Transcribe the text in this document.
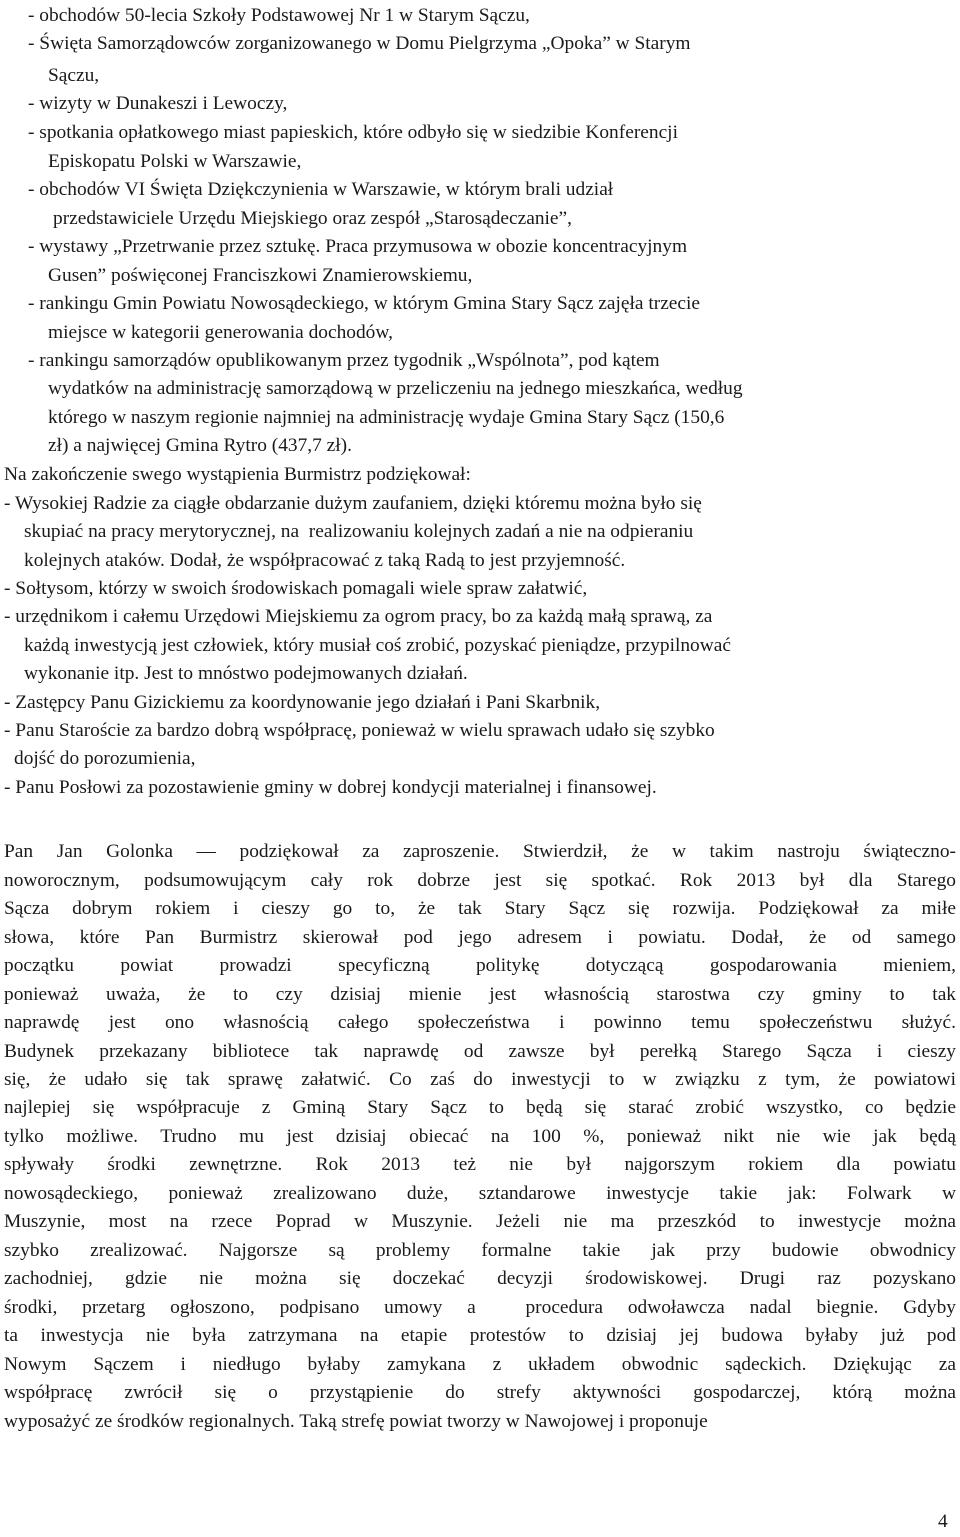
- obchodów 50-lecia Szkoły Podstawowej Nr 1 w Starym Sączu,
- Święta Samorządowców zorganizowanego w Domu Pielgrzyma „Opoka” w Starym
Sączu,
- wizyty w Dunakeszi i Lewoczy,
- spotkania opłatkowego miast papieskich, które odbyło się w siedzibie Konferencji
Episkopatu Polski w Warszawie,
- obchodów VI Święta Dziękczynienia w Warszawie, w którym brali udział
przedstawiciele Urzędu Miejskiego oraz zespół „Starosądeczanie”,
- wystawy „Przetrwanie przez sztukę. Praca przymusowa w obozie koncentracyjnym
Gusen” poświęconej Franciszkowi Znamierowskiemu,
- rankingu Gmin Powiatu Nowosądeckiego, w którym Gmina Stary Sącz zajęła trzecie
miejsce w kategorii generowania dochodów,
- rankingu samorządów opublikowanym przez tygodnik „Wspólnota”, pod kątem
wydatków na administrację samorządową w przeliczeniu na jednego mieszkańca, według
którego w naszym regionie najmniej na administrację wydaje Gmina Stary Sącz (150,6
zł) a najwięcej Gmina Rytro (437,7 zł).
Na zakończenie swego wystąpienia Burmistrz podziękował:
- Wysokiej Radzie za ciągłe obdarzanie dużym zaufaniem, dzięki któremu można było się
skupiać na pracy merytorycznej, na  realizowaniu kolejnych zadań a nie na odpieraniu
kolejnych ataków. Dodał, że współpracować z taką Radą to jest przyjemność.
- Sołtysom, którzy w swoich środowiskach pomagali wiele spraw załatwić,
- urzędnikom i całemu Urzędowi Miejskiemu za ogrom pracy, bo za każdą małą sprawą, za
każdą inwestycją jest człowiek, który musiał coś zrobić, pozyskać pieniądze, przypilnować
wykonanie itp. Jest to mnóstwo podejmowanych działań.
- Zastępcy Panu Gizickiemu za koordynowanie jego działań i Pani Skarbnik,
- Panu Staroście za bardzo dobrą współpracę, ponieważ w wielu sprawach udało się szybko
dojść do porozumienia,
- Panu Posłowi za pozostawienie gminy w dobrej kondycji materialnej i finansowej.
Pan Jan Golonka — podziękował za zaproszenie. Stwierdził, że w takim nastroju świąteczno-
noworocznym, podsumowującym cały rok dobrze jest się spotkać. Rok 2013 był dla Starego
Sącza dobrym rokiem i cieszy go to, że tak Stary Sącz się rozwija. Podziękował za miłe
słowa, które Pan Burmistrz skierował pod jego adresem i powiatu. Dodał, że od samego
początku powiat prowadzi specyficzną politykę dotyczącą gospodarowania mieniem,
ponieważ uważa, że to czy dzisiaj mienie jest własnością starostwa czy gminy to tak
naprawdę jest ono własnością całego społeczeństwa i powinno temu społeczeństwu służyć.
Budynek przekazany bibliotece tak naprawdę od zawsze był perełką Starego Sącza i cieszy
się, że udało się tak sprawę załatwić. Co zaś do inwestycji to w związku z tym, że powiatowi
najlepiej się współpracuje z Gminą Stary Sącz to będą się starać zrobić wszystko, co będzie
tylko możliwe. Trudno mu jest dzisiaj obiecać na 100 %, ponieważ nikt nie wie jak będą
spływały środki zewnętrzne. Rok 2013 też nie był najgorszym rokiem dla powiatu
nowosądeckiego, ponieważ zrealizowano duże, sztandarowe inwestycje takie jak: Folwark w
Muszynie, most na rzece Poprad w Muszynie. Jeżeli nie ma przeszkód to inwestycje można
szybko zrealizować. Najgorsze są problemy formalne takie jak przy budowie obwodnicy
zachodniej, gdzie nie można się doczekać decyzji środowiskowej. Drugi raz pozyskano
środki, przetarg ogłoszono, podpisano umowy a  procedura odwoławcza nadal biegnie. Gdyby
ta inwestycja nie była zatrzymana na etapie protestów to dzisiaj jej budowa byłaby już pod
Nowym Sączem i niedługo byłaby zamykana z układem obwodnic sądeckich. Dziękując za
współpracę zwrócił się o przystąpienie do strefy aktywności gospodarczej, którą można
wyposażyć ze środków regionalnych. Taką strefę powiat tworzy w Nawojowej i proponuje
4
